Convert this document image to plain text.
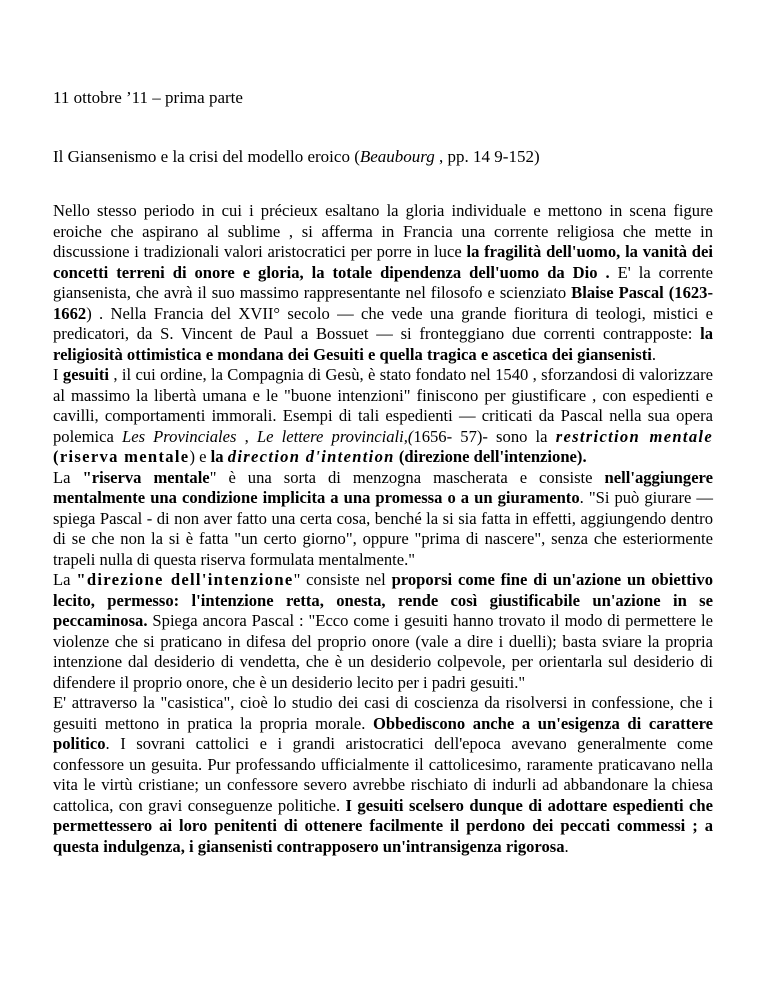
11 ottobre ’11 – prima parte
Il Giansenismo e la crisi del modello eroico (Beaubourg , pp. 14 9-152)

Nello stesso periodo in cui i précieux esaltano la gloria individuale e mettono in scena figure eroiche che aspirano al sublime , si afferma in Francia una corrente religiosa che mette in discussione i tradizionali valori aristocratici per porre in luce la fragilità dell'uomo, la vanità dei concetti terreni di onore e gloria, la totale dipendenza dell'uomo da Dio . E' la corrente giansenista, che avrà il suo massimo rappresentante nel filosofo e scienziato Blaise Pascal (1623-1662) . Nella Francia del XVII° secolo — che vede una grande fioritura di teologi, mistici e predicatori, da S. Vincent de Paul a Bossuet — si fronteggiano due correnti contrapposte: la religiosità ottimistica e mondana dei Gesuiti e quella tragica e ascetica dei giansenisti.

I gesuiti , il cui ordine, la Compagnia di Gesù, è stato fondato nel 1540 , sforzandosi di valorizzare al massimo la libertà umana e le "buone intenzioni" finiscono per giustificare , con espedienti e cavilli, comportamenti immorali. Esempi di tali espedienti — criticati da Pascal nella sua opera polemica Les Provinciales , Le lettere provinciali,(1656- 57)- sono la restriction mentale (riserva mentale) e la direction d'intention (direzione dell'intenzione).

La "riserva mentale" è una sorta di menzogna mascherata e consiste nell'aggiungere mentalmente una condizione implicita a una promessa o a un giuramento. "Si può giurare — spiega Pascal - di non aver fatto una certa cosa, benché la si sia fatta in effetti, aggiungendo dentro di se che non la si è fatta "un certo giorno", oppure "prima di nascere", senza che esteriormente trapeli nulla di questa riserva formulata mentalmente."

La "direzione dell'intenzione" consiste nel proporsi come fine di un'azione un obiettivo lecito, permesso: l'intenzione retta, onesta, rende così giustificabile un'azione in se peccaminosa. Spiega ancora Pascal : "Ecco come i gesuiti hanno trovato il modo di permettere le violenze che si praticano in difesa del proprio onore (vale a dire i duelli); basta sviare la propria intenzione dal desiderio di vendetta, che è un desiderio colpevole, per orientarla sul desiderio di difendere il proprio onore, che è un desiderio lecito per i padri gesuiti."

E' attraverso la "casistica", cioè lo studio dei casi di coscienza da risolversi in confessione, che i gesuiti mettono in pratica la propria morale. Obbediscono anche a un'esigenza di carattere politico. I sovrani cattolici e i grandi aristocratici dell'epoca avevano generalmente come confessore un gesuita. Pur professando ufficialmente il cattolicesimo, raramente praticavano nella vita le virtù cristiane; un confessore severo avrebbe rischiato di indurli ad abbandonare la chiesa cattolica, con gravi conseguenze politiche. I gesuiti scelsero dunque di adottare espedienti che permettessero ai loro penitenti di ottenere facilmente il perdono dei peccati commessi ; a questa indulgenza, i giansenisti contrapposero un'intransigenza rigorosa.
